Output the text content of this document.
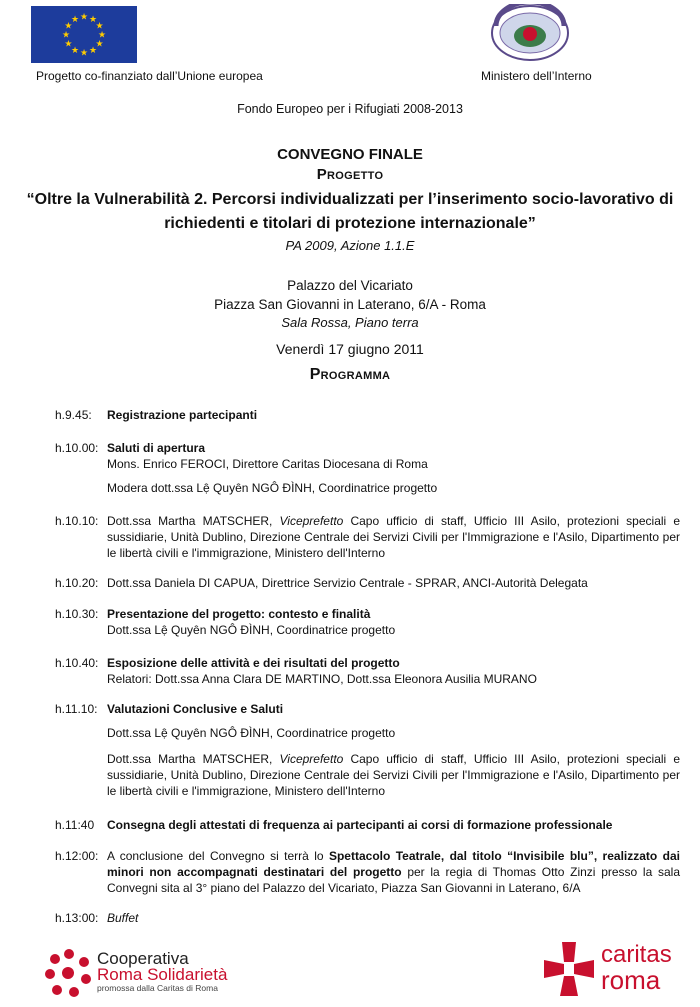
★ ★
★
★
★
★
★
★
★
★
★
★
Progetto co-finanziato dall’Unione europea	Ministero dell’Interno
Fondo Europeo per i Rifugiati 2008-2013
CONVEGNO FINALE
Progetto
“Oltre la Vulnerabilità 2. Percorsi individualizzati per l’inserimento socio-lavorativo di
richiedenti e titolari di protezione internazionale”
PA 2009, Azione 1.1.E
Palazzo del Vicariato
Piazza San Giovanni in Laterano, 6/A - Roma
Sala Rossa, Piano terra
Venerdì 17 giugno 2011
Programma
h.9.45:	Registrazione partecipanti
h.10.00: Saluti di apertura
Mons. Enrico FEROCI, Direttore Caritas Diocesana di Roma
Modera dott.ssa Lệ Quyên NGÔ ĐÌNH, Coordinatrice progetto
h.10.10: Dott.ssa Martha MATSCHER, Viceprefetto Capo ufficio di staff, Ufficio III Asilo, protezioni speciali e sussidiarie, Unità Dublino, Direzione Centrale dei Servizi Civili per l'Immigrazione e l'Asilo, Dipartimento per le libertà civili e l'immigrazione, Ministero dell'Interno
h.10.20: Dott.ssa Daniela DI CAPUA, Direttrice Servizio Centrale - SPRAR, ANCI-Autorità Delegata
h.10.30: Presentazione del progetto: contesto e finalità
Dott.ssa Lệ Quyên NGÔ ĐÌNH, Coordinatrice progetto
h.10.40: Esposizione delle attività e dei risultati del progetto
Relatori: Dott.ssa Anna Clara DE MARTINO, Dott.ssa Eleonora Ausilia MURANO
h.11.10: Valutazioni Conclusive e Saluti
Dott.ssa Lệ Quyên NGÔ ĐÌNH, Coordinatrice progetto
Dott.ssa Martha MATSCHER, Viceprefetto Capo ufficio di staff, Ufficio III Asilo, protezioni speciali e sussidiarie, Unità Dublino, Direzione Centrale dei Servizi Civili per l'Immigrazione e l'Asilo, Dipartimento per le libertà civili e l'immigrazione, Ministero dell'Interno
h.11:40	Consegna degli attestati di frequenza ai partecipanti ai corsi di formazione professionale
h.12:00: A conclusione del Convegno si terrà lo Spettacolo Teatrale, dal titolo “Invisibile blu”, realizzato dai minori non accompagnati destinatari del progetto per la regia di Thomas Otto Zinzi presso la sala Convegni sita al 3° piano del Palazzo del Vicariato, Piazza San Giovanni in Laterano, 6/A
h.13:00: Buffet
Cooperativa
Roma Solidarietà
promossa dalla Caritas di Roma
caritas
roma
